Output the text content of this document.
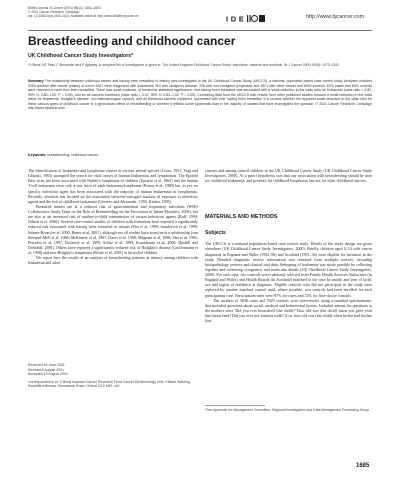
British Journal of Cancer (2001) 85(11), 1685–1694
© 2001 Cancer Research Campaign
doi: 10.1054/ bjoc.2001.2110, available online at http://www.idealibrary.com on	I D E	http://www.bjcancer.com
Breastfeeding and childhood cancer
UK Childhood Cancer Study Investigators*
*V Beral, NT Fear, F Alexander and P Appleby. A complete list of investigators is given in: The United Kingdom Childhood Cancer Study: objectives, material and methods. Br J Cancer 2000; 82(5): 1073–1102
Summary The relationship between childhood cancer and having been breastfed in infancy was investigated in the UK Childhood Cancer Study (UKCCS), a national, population-based case-control study. Analyses included 2000 children with cancer (cases) of whom 1637 were diagnosed with leukaemia, 114 with Hodgkin's disease, 226 with non-Hodgkin's lymphoma and 1521 with other cancer and 6994 controls; 62% cases and 64% controls were reported to have ever been breastfed. There was weak evidence, of borderline statistical significance, that having been breastfed was associated with a small reduction in the odds ratio for leukaemia (odds ratio = 0.89, 95% CI 0.80–1.00, P = 0.06), and for all cancers combined (odds ratio = 0.92, 95% CI 0.84–1.00, P = 0.05). Combining data from the UKCCS with results from other published studies showed a small reduction in the odds ratios for leukaemia, Hodgkin's disease, non-haematological cancers, and all childhood cancers combined, associated with ever having been breastfed. It is unclear whether the apparent small reduction in the odds ratio for these various types of childhood cancer is a generalised effect of breastfeeding or whether it reflects some systematic bias in the majority of studies that have investigated the question. © 2001 Cancer Research Campaign http://www.bjcancer.com
Keywords: breastfeeding; childhood cancer

The identification of leukaemia and lymphoma viruses in various animal species (Cross, 1951; Vogt and Ishizaki, 1965) prompted the search for viral causes of human leukaemias and lymphomas. The Epstein Barr virus has been associated with Burkitt's lymphoma in children (Epstein et al, 1964) and the human T-cell leukaemia virus with a rare form of adult leukaemia/lymphoma (Poiesz et al, 1980) but, as yet, no specific infectious agent has been associated with the majority of human leukaemias or lymphomas. Recently, attention has focused on the association between surrogate markers of exposure to infectious agents and the risk of childhood leukaemia (Greaves and Alexander, 1993; Kinlen, 1995).

Breastfed infants are at a reduced risk of gastrointestinal and respiratory infections (WHO Collaborative Study Team on the Role of Breastfeeding on the Prevention of Infant Mortality, 2000), but are also at an increased risk of mother-to-child transmission of certain infectious agents (Buff, 1994; Nduati et al, 2000). Several case-control studies of children with leukaemia have reported a significantly reduced risk associated with having been breastfed as infants (Shu et al, 1999; Smulevich et al, 1999; Infante-Rivard et al, 2000; Bener et al, 2001), although not all studies have noted such a relationship (van Steensel-Moll et al, 1986; McKinney et al, 1987; Davis et al, 1988; Magnani et al, 1988; Shu et al, 1995; Petridou et al, 1997; Dockerty et al, 1999; Schüz et al, 1999; Rosenbaum et al, 2000; Hardell and Dreifaldt, 2001). Others have reported a significantly reduced risk of Hodgkin's disease (Gruffermann et al, 1998) and non-Hodgkin's lymphoma (Bener et al, 2001) in breastfed children.

We report here the results of an analysis of breastfeeding patterns in infancy among children with leukaemia and other

cancers and among control children in the UK Childhood Cancer Study (UK Childhood Cancer Study Investigators, 2000). As a priori hypothesis was that any association with breastfeeding should be seen for childhood leukaemia, and possibly for childhood lymphoma, but not for other childhood cancers.

MATERIALS AND METHODS
Subjects

The UKCCS is a national population-based case-control study. Details of the study design are given elsewhere (UK Childhood Cancer Study Investigators, 2000). Briefly, children aged 0–14 with cancer diagnosed in England and Wales (1992–96) and Scotland (1991–94) were eligible for inclusion in the study. Detailed diagnostic review information was obtained from multiple sources, including histopathology reviews and clinical trial data. Subtyping of leukaemia was made possible by collecting together and reviewing cytogenetic and molecular details (UK Childhood Cancer Study Investigators, 2000). For each case, two controls were randomly selected from Family Health Services Authorities (in England and Wales) and Health Boards (in Scotland) matched to the case by month and year of birth, sex and region of residence at diagnosis. Eligible controls who did not participate in the study were replaced by another matched control until, where possible, two controls had been enrolled for each participating case. Participation rates were 87% for cases and 72% for first-choice controls.

The mothers of 3838 cases and 7629 controls were interviewed, using a standard questionnaire, that included questions about social, medical and behavioural factors. Included among the questions to the mothers were 'Did you ever breastfeed (the child)?' How old was (the child) when you gave your last breast feed? Did you ever use formula milk? If so, how old was (the child) when he/she had his/her first

Received 16 June 2001
Revised 8 August 2001
Accepted 13 August 2001
Correspondence to: V Beral Imperial Cancer Research Fund Cancer Epidemiology Unit, Gibson Building, Radcliffe Infirmary, Woodstock Road, Oxford OX2 6HE, UK
*See Appendix for Management Committee, Regional Investigators and Data Management Processing Group
1685
